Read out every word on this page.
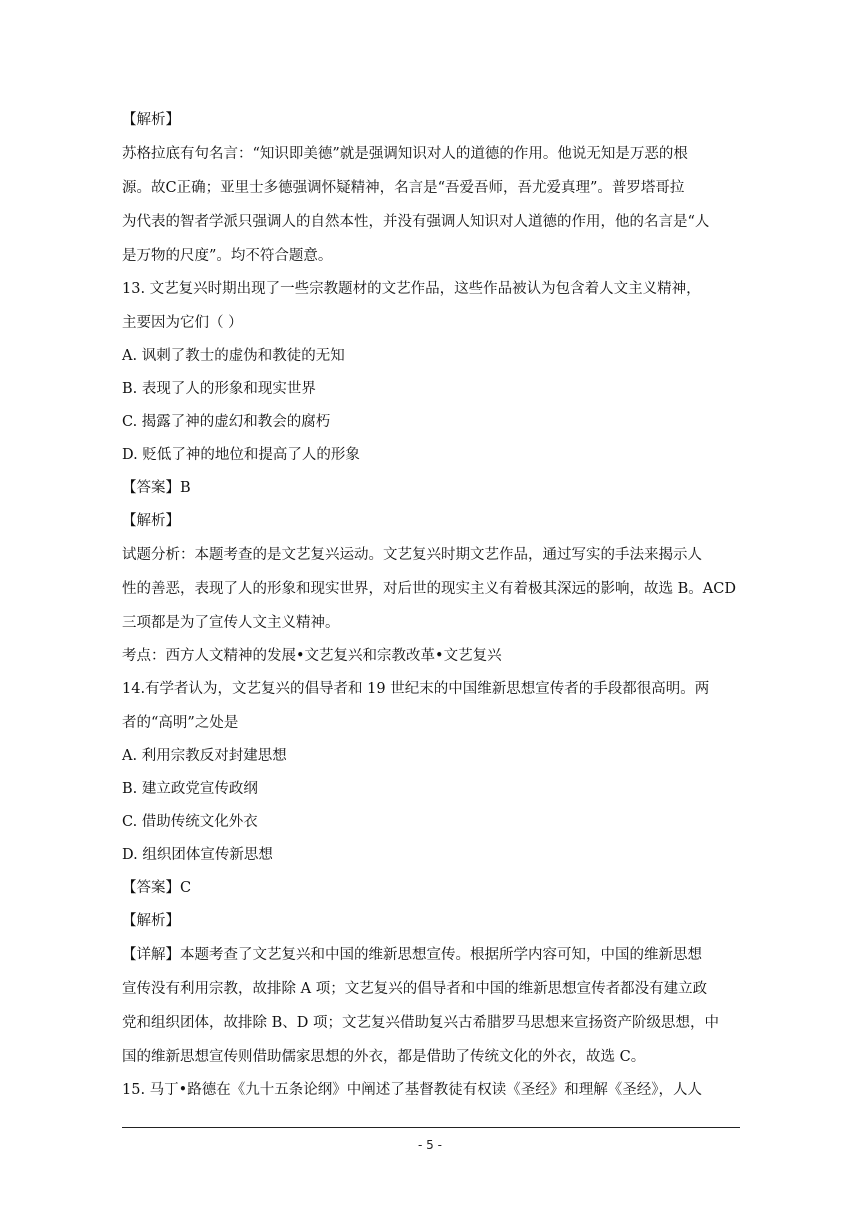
【解析】

苏格拉底有句名言：“知识即美德”就是强调知识对人的道德的作用。他说无知是万恶的根

源。故C正确；亚里士多德强调怀疑精神，名言是“吾爱吾师，吾尤爱真理”。普罗塔哥拉

为代表的智者学派只强调人的自然本性，并没有强调人知识对人道德的作用，他的名言是“人

是万物的尺度”。均不符合题意。

13. 文艺复兴时期出现了一些宗教题材的文艺作品，这些作品被认为包含着人文主义精神，

主要因为它们（ ）

A. 讽刺了教士的虚伪和教徒的无知

B. 表现了人的形象和现实世界

C. 揭露了神的虚幻和教会的腐朽

D. 贬低了神的地位和提高了人的形象

【答案】B

【解析】

试题分析：本题考查的是文艺复兴运动。文艺复兴时期文艺作品，通过写实的手法来揭示人

性的善恶，表现了人的形象和现实世界，对后世的现实主义有着极其深远的影响，故选 B。ACD

三项都是为了宣传人文主义精神。

考点：西方人文精神的发展•文艺复兴和宗教改革•文艺复兴

14.有学者认为，文艺复兴的倡导者和 19 世纪末的中国维新思想宣传者的手段都很高明。两

者的“高明”之处是

A. 利用宗教反对封建思想

B. 建立政党宣传政纲

C. 借助传统文化外衣

D. 组织团体宣传新思想

【答案】C

【解析】

【详解】本题考查了文艺复兴和中国的维新思想宣传。根据所学内容可知，中国的维新思想

宣传没有利用宗教，故排除 A 项；文艺复兴的倡导者和中国的维新思想宣传者都没有建立政

党和组织团体，故排除 B、D 项；文艺复兴借助复兴古希腊罗马思想来宣扬资产阶级思想，中

国的维新思想宣传则借助儒家思想的外衣，都是借助了传统文化的外衣，故选 C。

15. 马丁•路德在《九十五条论纲》中阐述了基督教徒有权读《圣经》和理解《圣经》，人人

- 5 -
